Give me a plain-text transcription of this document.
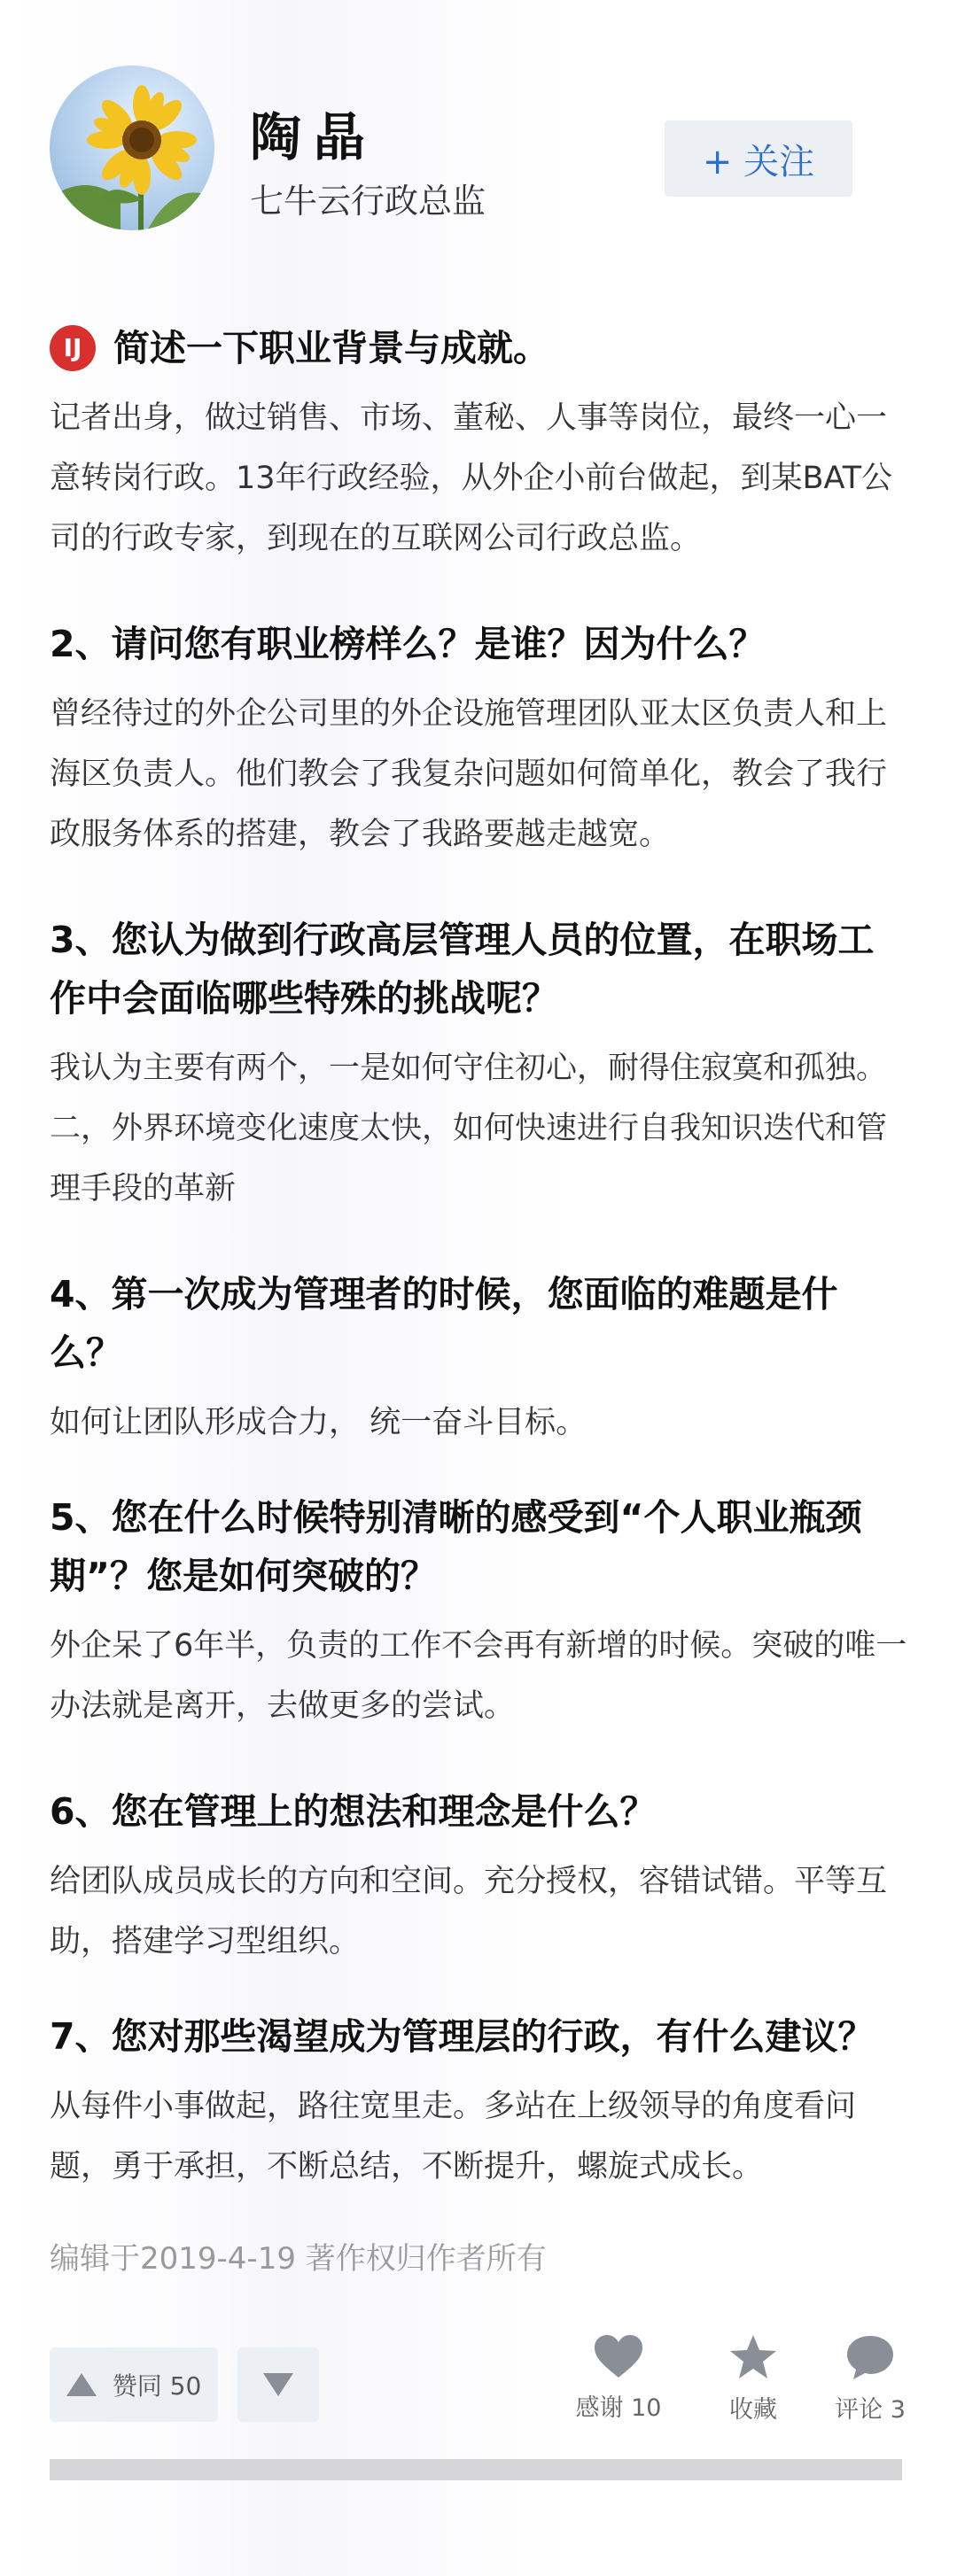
陶晶
七牛云行政总监
+ 关注
IJ 简述一下职业背景与成就。
记者出身，做过销售、市场、董秘、人事等岗位，最终一心一意转岗行政。13年行政经验，从外企小前台做起，到某BAT公司的行政专家，到现在的互联网公司行政总监。
2、请问您有职业榜样么？是谁？因为什么？
曾经待过的外企公司里的外企设施管理团队亚太区负责人和上海区负责人。他们教会了我复杂问题如何简单化，教会了我行政服务体系的搭建，教会了我路要越走越宽。
3、您认为做到行政高层管理人员的位置，在职场工作中会面临哪些特殊的挑战呢？
我认为主要有两个，一是如何守住初心，耐得住寂寞和孤独。二，外界环境变化速度太快，如何快速进行自我知识迭代和管理手段的革新
4、第一次成为管理者的时候，您面临的难题是什么？
如何让团队形成合力， 统一奋斗目标。
5、您在什么时候特别清晰的感受到“个人职业瓶颈期”？您是如何突破的？
外企呆了6年半，负责的工作不会再有新增的时候。突破的唯一办法就是离开，去做更多的尝试。
6、您在管理上的想法和理念是什么？
给团队成员成长的方向和空间。充分授权，容错试错。平等互助，搭建学习型组织。
7、您对那些渴望成为管理层的行政，有什么建议？
从每件小事做起，路往宽里走。多站在上级领导的角度看问题，勇于承担，不断总结，不断提升，螺旋式成长。
编辑于2019-4-19 著作权归作者所有
赞同 50
感谢 10	收藏 评论 3
